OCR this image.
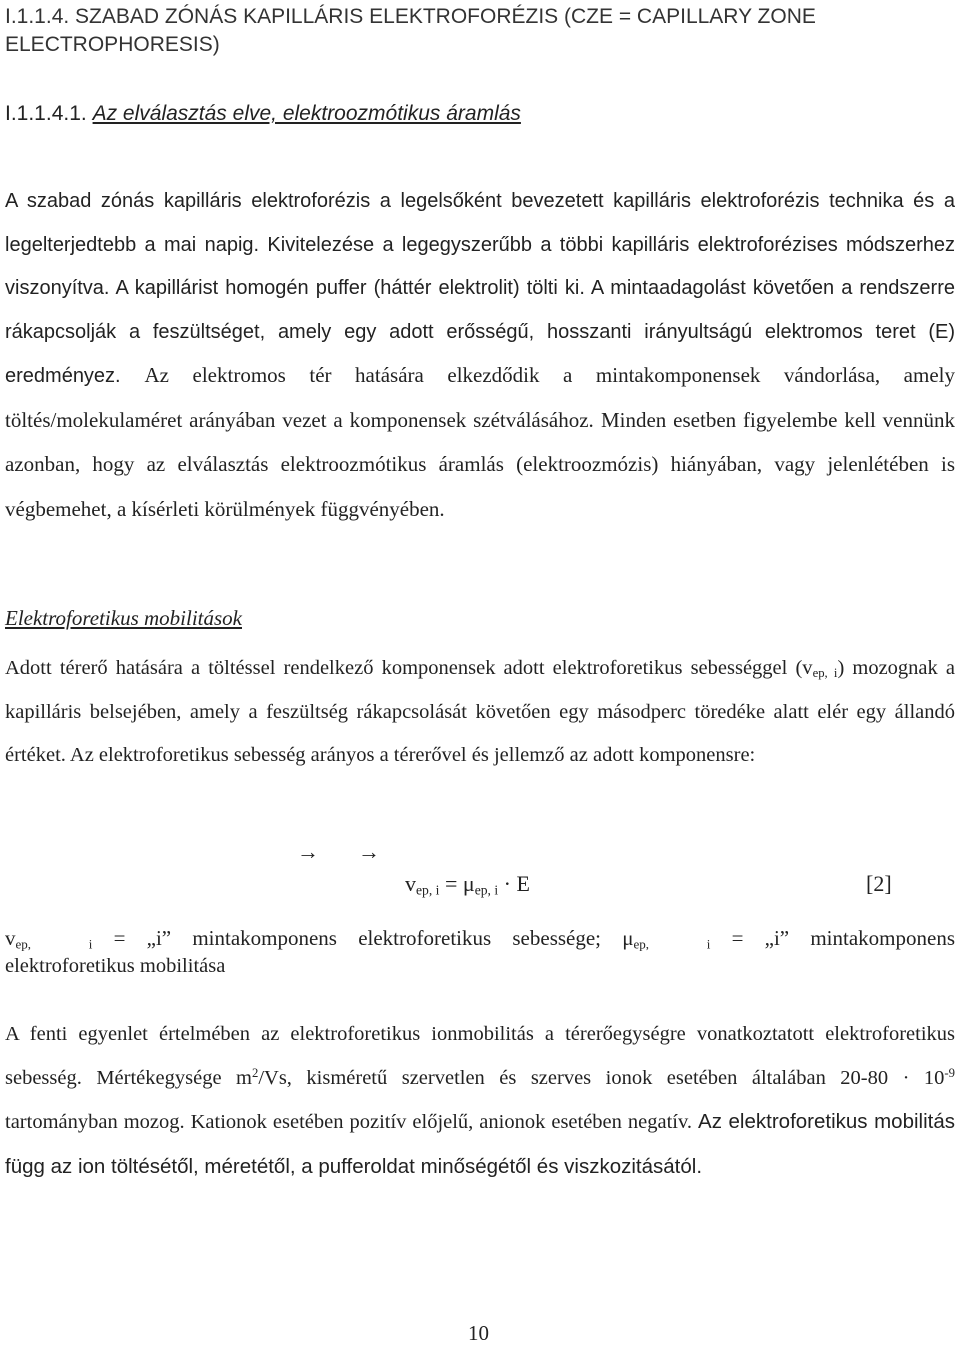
I.1.1.4. SZABAD ZÓNÁS KAPILLÁRIS ELEKTROFORÉZIS (CZE = CAPILLARY ZONE ELECTROPHORESIS)
I.1.1.4.1. Az elválasztás elve, elektroozmótikus áramlás
A szabad zónás kapilláris elektroforézis a legelsőként bevezetett kapilláris elektroforézis technika és a legelterjedtebb a mai napig. Kivitelezése a legegyszerűbb a többi kapilláris elektroforézises módszerhez viszonyítva. A kapillárist homogén puffer (háttér elektrolit) tölti ki. A mintaadagolást követően a rendszerre rákapcsolják a feszültséget, amely egy adott erősségű, hosszanti irányultságú elektromos teret (E) eredményez. Az elektromos tér hatására elkezdődik a mintakomponensek vándorlása, amely töltés/molekulaméret arányában vezet a komponensek szétválásához. Minden esetben figyelembe kell vennünk azonban, hogy az elválasztás elektroozmótikus áramlás (elektroozmózis) hiányában, vagy jelenlétében is végbemehet, a kísérleti körülmények függvényében.
Elektroforetikus mobilitások
Adott térerő hatására a töltéssel rendelkező komponensek adott elektroforetikus sebességgel $(v_{ep, i})$ mozognak a kapilláris belsejében, amely a feszültség rákapcsolását követően egy másodperc töredéke alatt elér egy állandó értéket. Az elektroforetikus sebesség arányos a térerővel és jellemző az adott komponensre:
→ →
$v_{ep, i} = \mu_{ep, i} \cdot E$	[2]
$v_{ep, i}$ = „i” mintakomponens elektroforetikus sebessége; $\mu_{ep, i}$ = „i” mintakomponens
elektroforetikus mobilitása
A fenti egyenlet értelmében az elektroforetikus ionmobilitás a térerőegységre vonatkoztatott elektroforetikus sebesség. Mértékegysége $m^2/Vs$, kisméretű szervetlen és szerves ionok esetében általában $20-80 \cdot 10^{-9}$ tartományban mozog. Kationok esetében pozitív előjelű, anionok esetében negatív. Az elektroforetikus mobilitás függ az ion töltésétől, méretétől, a pufferoldat minőségétől és viszkozitásától.
10
